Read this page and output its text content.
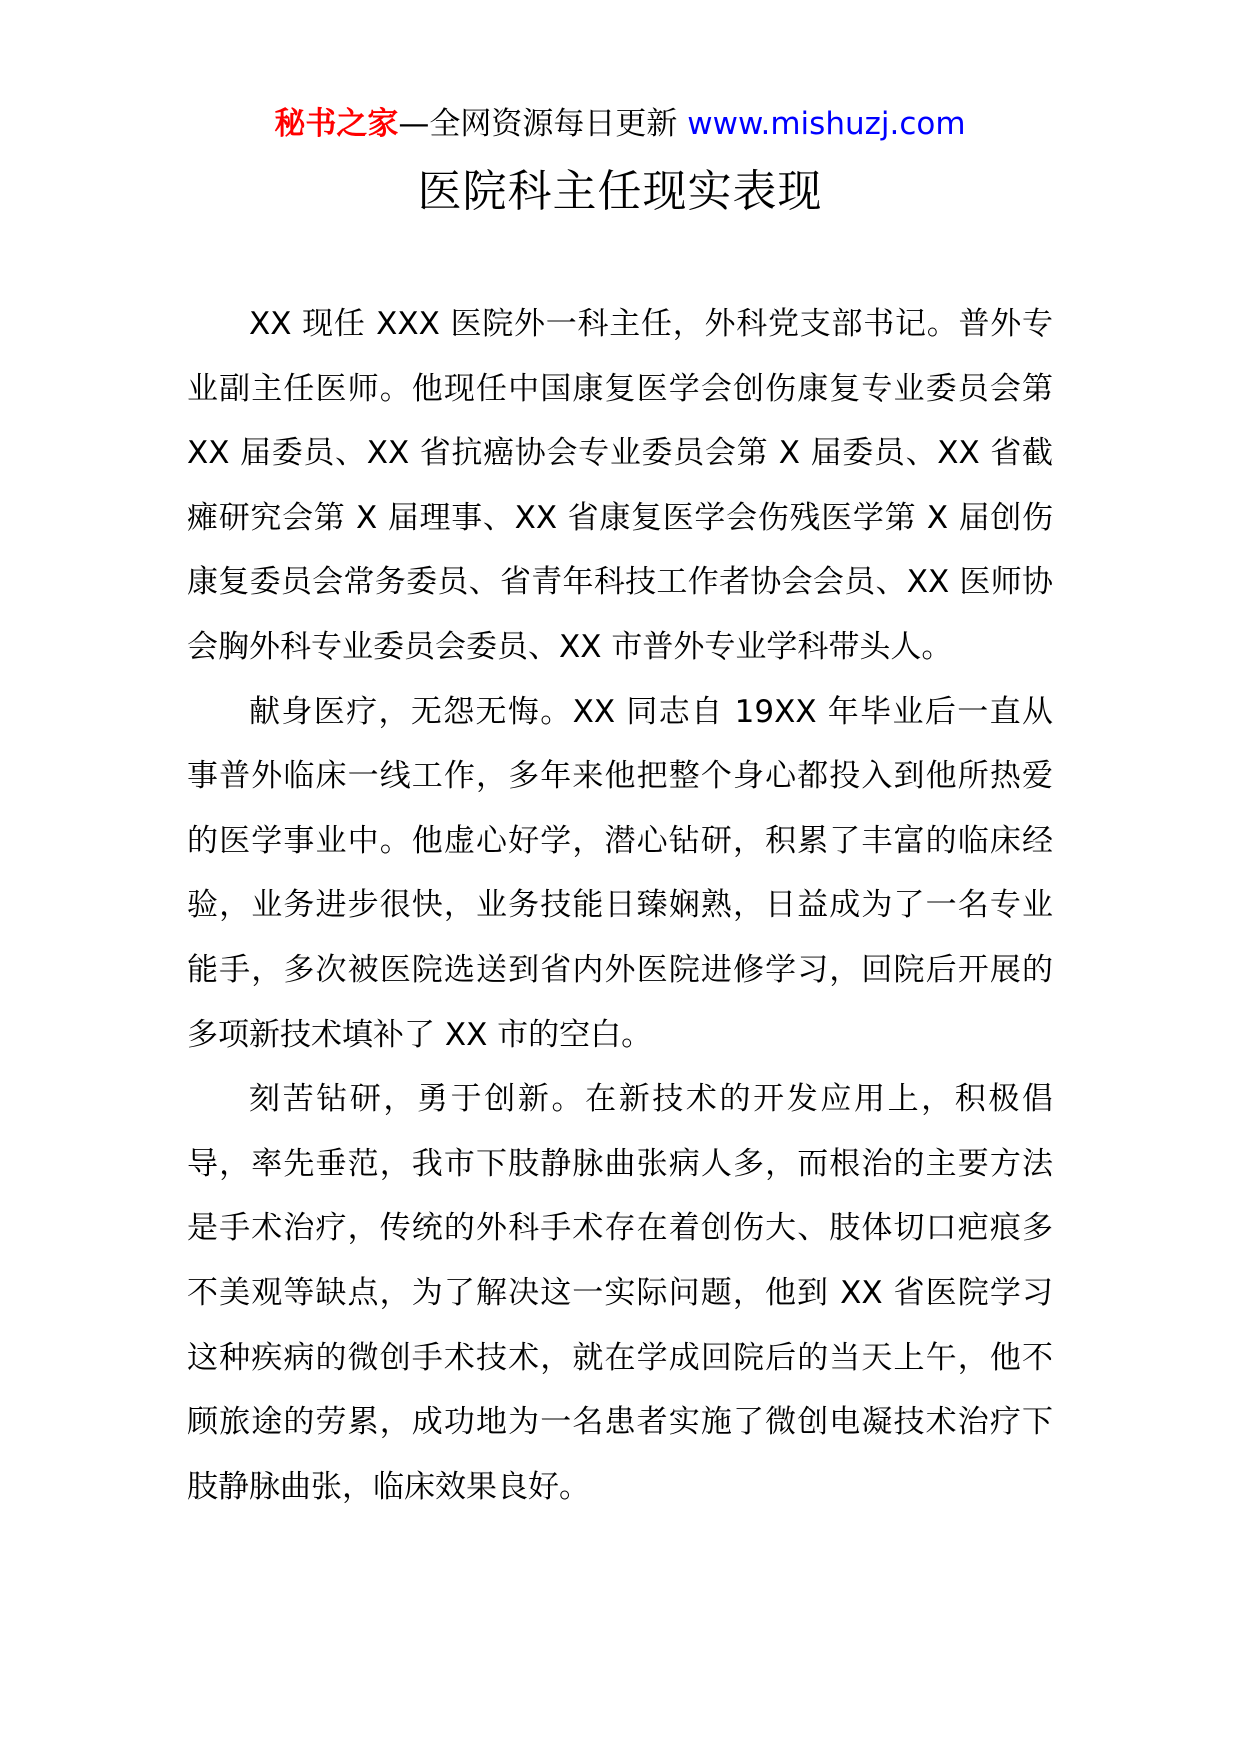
秘书之家—全网资源每日更新 www.mishuzj.com
医院科主任现实表现

XX 现任 XXX 医院外一科主任，外科党支部书记。普外专业副主任医师。他现任中国康复医学会创伤康复专业委员会第 XX 届委员、XX 省抗癌协会专业委员会第 X 届委员、XX 省截瘫研究会第 X 届理事、XX 省康复医学会伤残医学第 X 届创伤康复委员会常务委员、省青年科技工作者协会会员、XX 医师协会胸外科专业委员会委员、XX 市普外专业学科带头人。

献身医疗，无怨无悔。XX 同志自 19XX 年毕业后一直从事普外临床一线工作，多年来他把整个身心都投入到他所热爱的医学事业中。他虚心好学，潜心钻研，积累了丰富的临床经验，业务进步很快，业务技能日臻娴熟，日益成为了一名专业能手，多次被医院选送到省内外医院进修学习，回院后开展的多项新技术填补了 XX 市的空白。

刻苦钻研，勇于创新。在新技术的开发应用上，积极倡导，率先垂范，我市下肢静脉曲张病人多，而根治的主要方法是手术治疗，传统的外科手术存在着创伤大、肢体切口疤痕多不美观等缺点，为了解决这一实际问题，他到 XX 省医院学习这种疾病的微创手术技术，就在学成回院后的当天上午，他不顾旅途的劳累，成功地为一名患者实施了微创电凝技术治疗下肢静脉曲张，临床效果良好。
